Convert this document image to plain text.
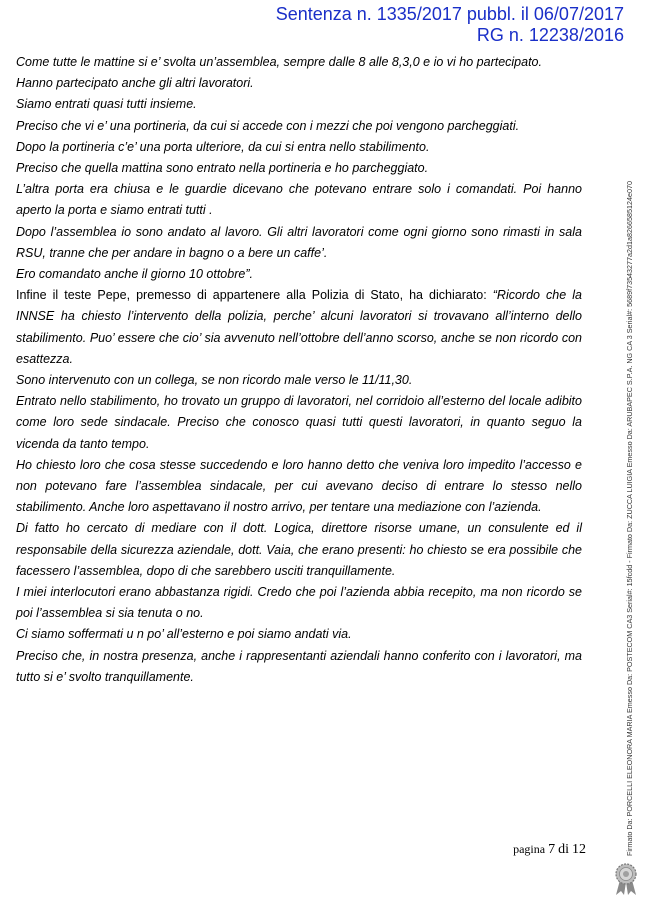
Sentenza n. 1335/2017 pubbl. il 06/07/2017
RG n. 12238/2016

Come tutte le mattine si e’ svolta un’assemblea, sempre dalle 8 alle 8,3,0 e io vi ho partecipato.

Hanno partecipato anche gli altri lavoratori.

Siamo entrati quasi tutti insieme.

Preciso che vi e’ una portineria, da cui si accede con i mezzi che poi vengono parcheggiati.

Dopo la portineria c’e’ una porta ulteriore, da cui si entra nello stabilimento.

Preciso che quella mattina sono entrato nella portineria e ho parcheggiato.

L’altra porta era chiusa e le guardie dicevano che potevano entrare solo i comandati. Poi hanno aperto la porta e siamo entrati tutti .

Dopo l’assemblea io sono andato al lavoro. Gli altri lavoratori come ogni giorno sono rimasti in sala RSU, tranne che per andare in bagno o a bere un caffe’.

Ero comandato anche il giorno 10 ottobre”.

Infine il teste Pepe, premesso di appartenere alla Polizia di Stato, ha dichiarato: “Ricordo che la INNSE ha chiesto l’intervento della polizia, perche’ alcuni lavoratori si trovavano all’interno dello stabilimento. Puo’ essere che cio’ sia avvenuto nell’ottobre dell’anno scorso, anche se non ricordo con esattezza.

Sono intervenuto con un collega, se non ricordo male verso le 11/11,30.

Entrato nello stabilimento, ho trovato un gruppo di lavoratori, nel corridoio all’esterno del locale adibito come loro sede sindacale. Preciso che conosco quasi tutti questi lavoratori, in quanto seguo la vicenda da tanto tempo.

Ho chiesto loro che cosa stesse succedendo e loro hanno detto che veniva loro impedito l’accesso e non potevano fare l’assemblea sindacale, per cui avevano deciso di entrare lo stesso nello stabilimento. Anche loro aspettavano il nostro arrivo, per tentare una mediazione con l’azienda.

Di fatto ho cercato di mediare con il dott. Logica, direttore risorse umane, un consulente ed il responsabile della sicurezza aziendale, dott. Vaia, che erano presenti: ho chiesto se era possibile che facessero l’assemblea, dopo di che sarebbero usciti tranquillamente.

I miei interlocutori erano abbastanza rigidi. Credo che poi l’azienda abbia recepito, ma non ricordo se poi l’assemblea si sia tenuta o no.

Ci siamo soffermati u n po’ all’esterno e poi siamo andati via.

Preciso che, in nostra presenza, anche i rappresentanti aziendali hanno conferito con i lavoratori, ma tutto si e’ svolto tranquillamente.

pagina 7 di 12	Firmato Da: PORCELLI ELEONORA MARIA Emesso Da: POSTECOM CA3 Serial#: 15fcdd - Firmato Da: ZUCCA LUIGIA Emesso Da: ARUBAPEC S.P.A. NG CA 3 Serial#: 5689f73543277a2d1a8266585124e070
